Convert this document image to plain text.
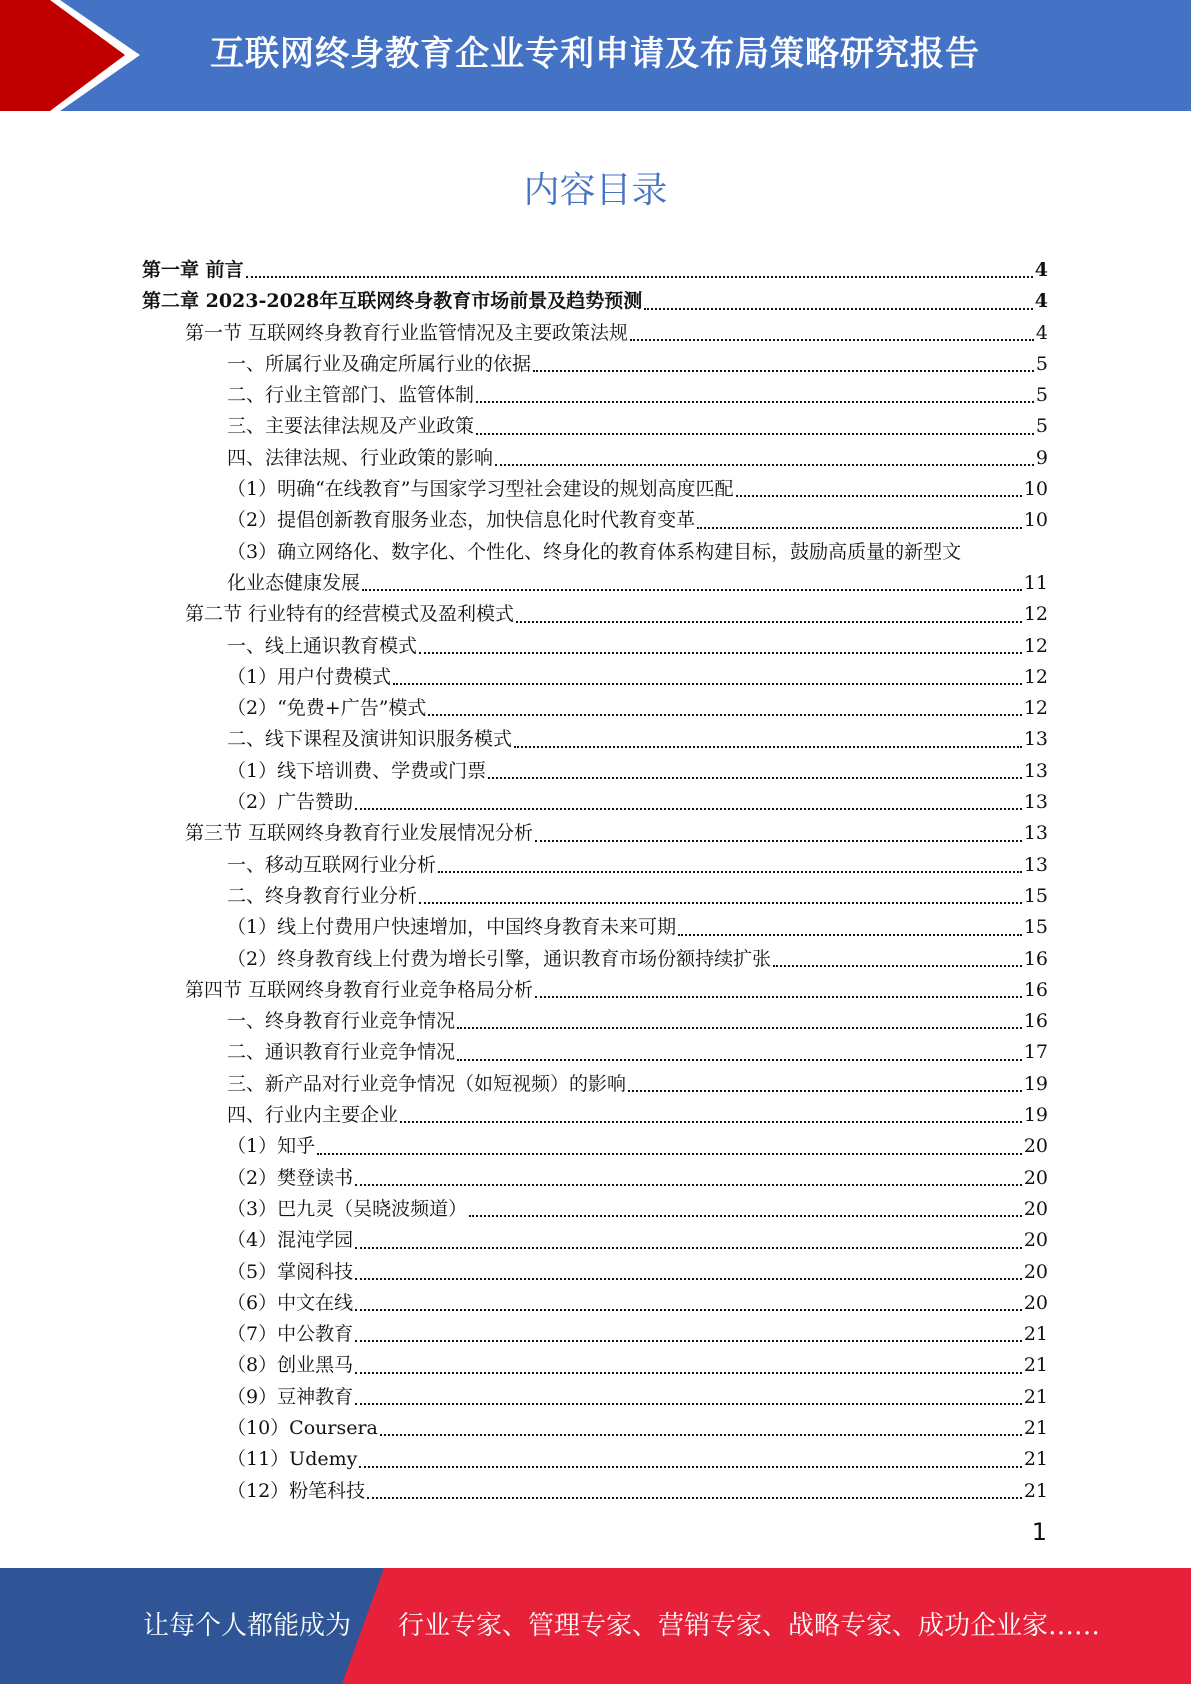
互联网终身教育企业专利申请及布局策略研究报告
内容目录
第一章 前言	4
第二章 2023-2028年互联网终身教育市场前景及趋势预测	4
第一节 互联网终身教育行业监管情况及主要政策法规	4
一、所属行业及确定所属行业的依据	5
二、行业主管部门、监管体制	5
三、主要法律法规及产业政策	5
四、法律法规、行业政策的影响	9
（1）明确“在线教育”与国家学习型社会建设的规划高度匹配	10
（2）提倡创新教育服务业态，加快信息化时代教育变革	10
（3）确立网络化、数字化、个性化、终身化的教育体系构建目标，鼓励高质量的新型文
化业态健康发展	11
第二节 行业特有的经营模式及盈利模式	12
一、线上通识教育模式	12
（1）用户付费模式	12
（2）“免费+广告”模式	12
二、线下课程及演讲知识服务模式	13
（1）线下培训费、学费或门票	13
（2）广告赞助	13
第三节 互联网终身教育行业发展情况分析	13
一、移动互联网行业分析	13
二、终身教育行业分析	15
（1）线上付费用户快速增加，中国终身教育未来可期	15
（2）终身教育线上付费为增长引擎，通识教育市场份额持续扩张	16
第四节 互联网终身教育行业竞争格局分析	16
一、终身教育行业竞争情况	16
二、通识教育行业竞争情况	17
三、新产品对行业竞争情况（如短视频）的影响	19
四、行业内主要企业	19
（1）知乎	20
（2）樊登读书	20
（3）巴九灵（吴晓波频道）	20
（4）混沌学园	20
（5）掌阅科技	20
（6）中文在线	20
（7）中公教育	21
（8）创业黑马	21
（9）豆神教育	21
（10）Coursera	21
（11）Udemy	21
（12）粉笔科技	21
1
让每个人都能成为 行业专家、管理专家、营销专家、战略专家、成功企业家……
